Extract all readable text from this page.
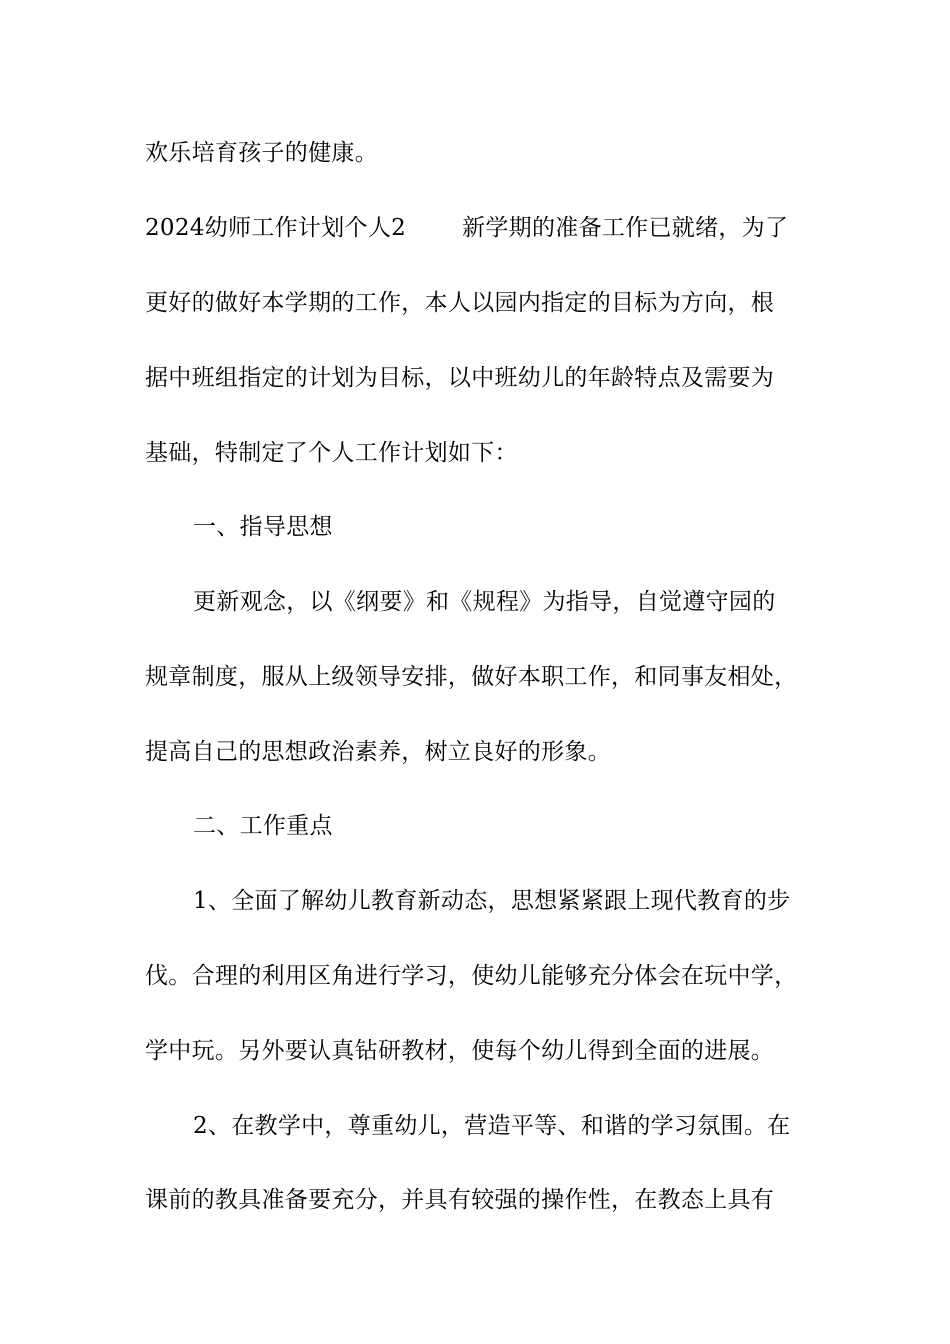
欢乐培育孩子的健康。
2024幼师工作计划个人2 新学期的准备工作已就绪，为了
更好的做好本学期的工作，本人以园内指定的目标为方向，根
据中班组指定的计划为目标，以中班幼儿的年龄特点及需要为
基础，特制定了个人工作计划如下：
一、指导思想
更新观念，以《纲要》和《规程》为指导，自觉遵守园的
规章制度，服从上级领导安排，做好本职工作，和同事友相处，
提高自己的思想政治素养，树立良好的形象。
二、工作重点
1、全面了解幼儿教育新动态，思想紧紧跟上现代教育的步
伐。合理的利用区角进行学习，使幼儿能够充分体会在玩中学，
学中玩。另外要认真钻研教材，使每个幼儿得到全面的进展。
2、在教学中，尊重幼儿，营造平等、和谐的学习氛围。在
课前的教具准备要充分，并具有较强的操作性，在教态上具有
